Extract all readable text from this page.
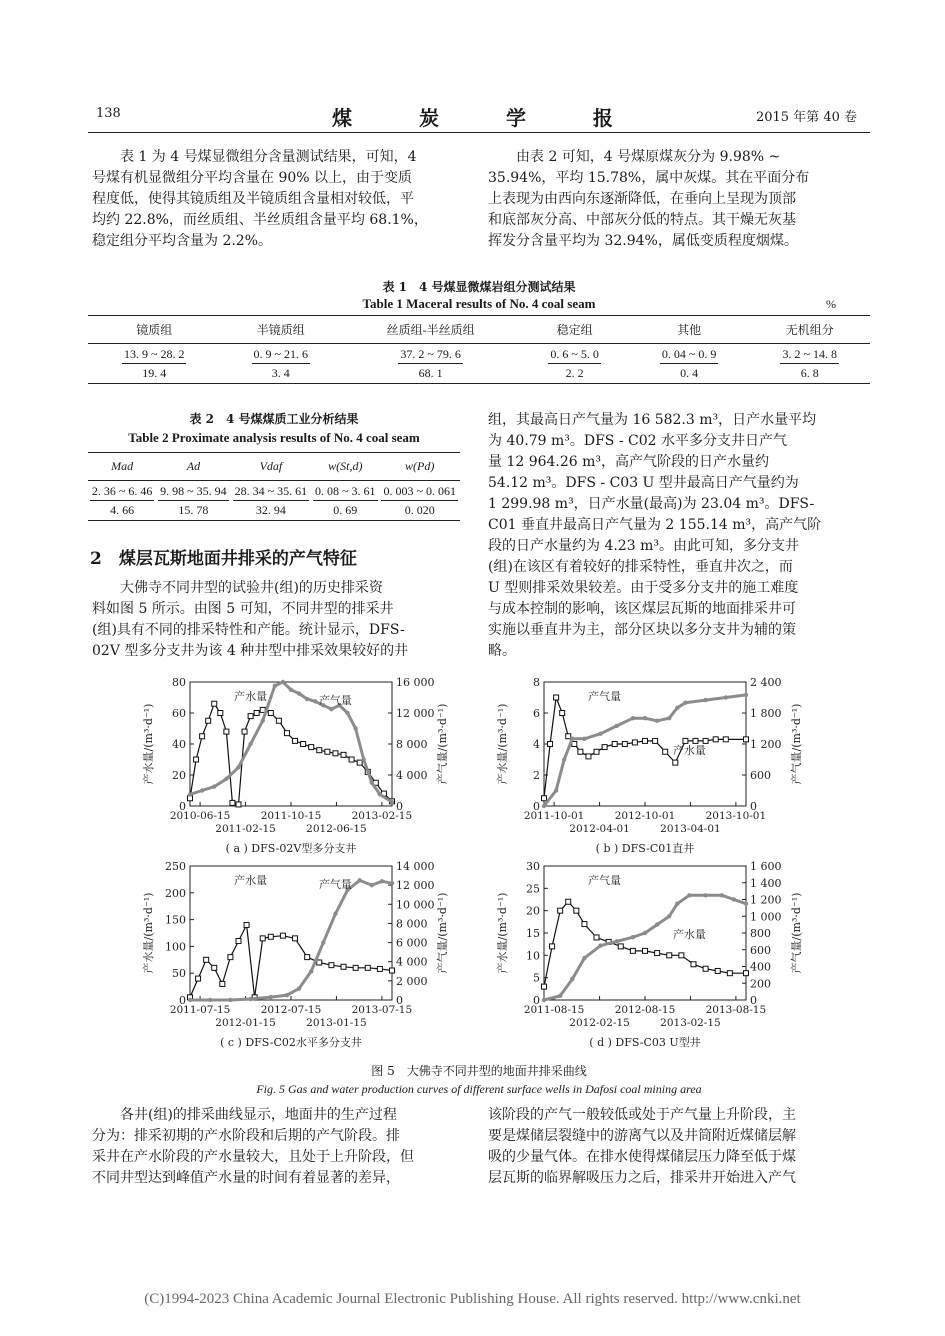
138	煤 炭 学 报	2015 年第 40 卷
表 1 为 4 号煤显微组分含量测试结果，可知，4
号煤有机显微组分平均含量在 90% 以上，由于变质
程度低，使得其镜质组及半镜质组含量相对较低，平
均约 22.8%，而丝质组、半丝质组含量平均 68.1%，
稳定组分平均含量为 2.2%。
由表 2 可知，4 号煤原煤灰分为 9.98% ~
35.94%，平均 15.78%，属中灰煤。其在平面分布
上表现为由西向东逐渐降低，在垂向上呈现为顶部
和底部灰分高、中部灰分低的特点。其干燥无灰基
挥发分含量平均为 32.94%，属低变质程度烟煤。
表 1　4 号煤显微煤岩组分测试结果
Table 1 Maceral results of No. 4 coal seam	%
镜质组	半镜质组	丝质组-半丝质组	稳定组	其他	无机组分

$\frac{13. 9 \sim 28. 2}{19. 4}$	$\frac{0. 9 \sim 21. 6}{3. 4}$	$\frac{37. 2 \sim 79. 6}{68. 1}$	$\frac{0. 6 \sim 5. 0}{2. 2}$	$\frac{0. 04 \sim 0. 9}{0. 4}$	$\frac{3. 2 \sim 14. 8}{6. 8}$
表 2　4 号煤煤质工业分析结果
Table 2 Proximate analysis results of No. 4 coal seam
Mad	Ad	Vdaf	w(St,d)	w(Pd)

$\frac{2. 36 \sim 6. 46}{4. 66}$	$\frac{9. 98 \sim 35. 94}{15. 78}$	$\frac{28. 34 \sim 35. 61}{32. 94}$	$\frac{0. 08 \sim 3. 61}{0. 69}$	$\frac{0. 003 \sim 0. 061}{0. 020}$
2　煤层瓦斯地面井排采的产气特征
大佛寺不同井型的试验井(组)的历史排采资
料如图 5 所示。由图 5 可知，不同井型的排采井
(组)具有不同的排采特性和产能。统计显示，DFS-
02V 型多分支井为该 4 种井型中排采效果较好的井
组，其最高日产气量为 16 582.3 m³，日产水量平均
为 40.79 m³。DFS - C02 水平多分支井日产气
量 12 964.26 m³，高产气阶段的日产水量约
54.12 m³。DFS - C03 U 型井最高日产气量约为
1 299.98 m³，日产水量(最高)为 23.04 m³。DFS-
C01 垂直井最高日产气量为 2 155.14 m³，高产气阶
段的日产水量约为 4.23 m³。由此可知，多分支井
(组)在该区有着较好的排采特性，垂直井次之，而
U 型则排采效果较差。由于受多分支井的施工难度
与成本控制的影响，该区煤层瓦斯的地面排采井可
实施以垂直井为主，部分区块以多分支井为辅的策
略。
0
20
40
60
80
0
4 000
8 000
12 000
16 000
2010-06-15	2011-10-15	2013-02-15
2011-02-15	2012-06-15
产水量/(m³·d⁻¹)	产气量/(m³·d⁻¹)
产水量	产气量
( a ) DFS-02V型多分支井
0
2
4
6
8
0
600
1 200
1 800
2 400
2011-10-01	2012-10-01	2013-10-01
2012-04-01	2013-04-01
产水量/(m³·d⁻¹)	产气量/(m³·d⁻¹)
产气量
产水量
( b ) DFS-C01直井
0
50
100
150
200
250
0
2 000
4 000
6 000
8 000
10 000
12 000
14 000
2011-07-15	2012-07-15	2013-07-15
2012-01-15	2013-01-15
产水量/(m³·d⁻¹)	产气量/(m³·d⁻¹)
产水量	产气量
( c ) DFS-C02水平多分支井
0
5
10
15
20
25
30
0
200
400
600
800
1 000
1 200
1 400
1 600
2011-08-15	2012-08-15	2013-08-15
2012-02-15	2013-02-15
产水量/(m³·d⁻¹)	产气量/(m³·d⁻¹)
产气量
产水量
( d ) DFS-C03 U型井
图 5　大佛寺不同井型的地面井排采曲线
Fig. 5 Gas and water production curves of different surface wells in Dafosi coal mining area
各井(组)的排采曲线显示，地面井的生产过程
分为：排采初期的产水阶段和后期的产气阶段。排
采井在产水阶段的产水量较大，且处于上升阶段，但
不同井型达到峰值产水量的时间有着显著的差异，
该阶段的产气一般较低或处于产气量上升阶段，主
要是煤储层裂缝中的游离气以及井筒附近煤储层解
吸的少量气体。在排水使得煤储层压力降至低于煤
层瓦斯的临界解吸压力之后，排采井开始进入产气
(C)1994-2023 China Academic Journal Electronic Publishing House. All rights reserved. http://www.cnki.net
